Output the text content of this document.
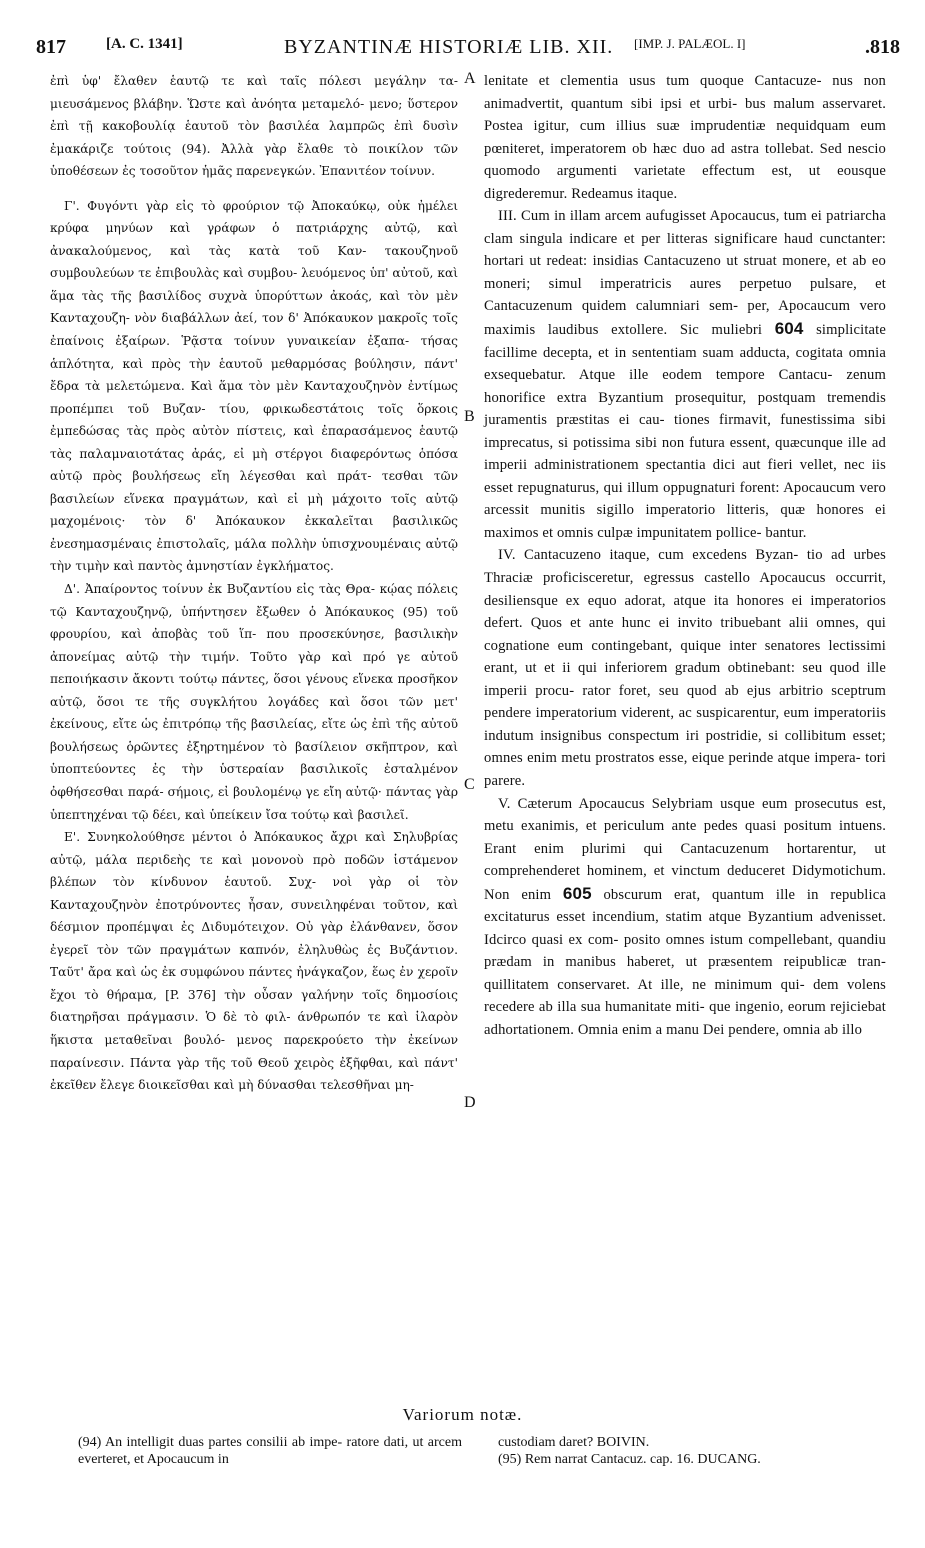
817	[A. C. 1341]	BYZANTINÆ HISTORIÆ LIB. XII. [IMP. J. PALÆOL. I]	.818

ἐπὶ ὑφ' ἔλαθεν ἑαυτῷ τε καὶ ταῖς πόλεσι μεγάλην τα- μιευσάμενος βλάβην. Ὥστε καὶ ἀνόητα μεταμελό- μενο; ὕστερον ἐπὶ τῇ κακοβουλίᾳ ἑαυτοῦ τὸν βασιλέα λαμπρῶς ἐπὶ δυσὶν ἐμακάριζε τούτοις (94). Ἀλλὰ γὰρ ἔλαθε τὸ ποικίλον τῶν ὑποθέσεων ἐς τοσοῦτον ἡμᾶς παρενεγκών. Ἐπανιτέον τοίνυν.

Γ'. Φυγόντι γὰρ εἰς τὸ φρούριον τῷ Ἀποκαύκῳ, οὐκ ἠμέλει κρύφα μηνύων καὶ γράφων ὁ πατριάρχης αὐτῷ, καὶ ἀνακαλούμενος, καὶ τὰς κατὰ τοῦ Καν- τακουζηνοῦ συμβουλεύων τε ἐπιβουλὰς καὶ συμβου- λευόμενος ὑπ' αὐτοῦ, καὶ ἅμα τὰς τῆς βασιλίδος συχνὰ ὑπορύττων ἀκοάς, καὶ τὸν μὲν Κανταχουζη- νὸν διαβάλλων ἀεί, τον δ' Ἀπόκαυκον μακροῖς τοῖς ἐπαίνοις ἐξαίρων. Ῥᾷστα τοίνυν γυναικείαν ἐξαπα- τήσας ἁπλότητα, καὶ πρὸς τὴν ἑαυτοῦ μεθαρμόσας βούλησιν, πάντ' ἔδρα τὰ μελετώμενα. Καὶ ἅμα τὸν μὲν Κανταχουζηνὸν ἐντίμως προπέμπει τοῦ Βυζαν- τίου, φρικωδεστάτοις τοῖς ὅρκοις ἐμπεδώσας τὰς πρὸς αὐτὸν πίστεις, καὶ ἐπαρασάμενος ἑαυτῷ τὰς παλαμναιοτάτας ἀράς, εἰ μὴ στέργοι διαφερόντως ὁπόσα αὐτῷ πρὸς βουλήσεως εἴη λέγεσθαι καὶ πράτ- τεσθαι τῶν βασιλείων εἵνεκα πραγμάτων, καὶ εἰ μὴ μάχοιτο τοῖς αὐτῷ μαχομένοις· τὸν δ' Ἀπόκαυκον ἐκκαλεῖται βασιλικῶς ἐνεσημασμέναις ἐπιστολαῖς, μάλα πολλὴν ὑπισχνουμέναις αὐτῷ τὴν τιμὴν καὶ παντὸς ἀμνηστίαν ἐγκλήματος.

Δ'. Ἀπαίροντος τοίνυν ἐκ Βυζαντίου εἰς τὰς Θρα- κῴας πόλεις τῷ Κανταχουζηνῷ, ὑπήντησεν ἔξωθεν ὁ Ἀπόκαυκος (95) τοῦ φρουρίου, καὶ ἀποβὰς τοῦ ἵπ- που προσεκύνησε, βασιλικὴν ἀπονείμας αὐτῷ τὴν τιμήν. Τοῦτο γὰρ καὶ πρό γε αὐτοῦ πεποιήκασιν ἄκοντι τούτῳ πάντες, ὅσοι γένους εἵνεκα προσῆκον αὐτῷ, ὅσοι τε τῆς συγκλήτου λογάδες καὶ ὅσοι τῶν μετ' ἐκείνους, εἴτε ὡς ἐπιτρόπῳ τῆς βασιλείας, εἴτε ὡς ἐπὶ τῆς αὐτοῦ βουλήσεως ὁρῶντες ἐξηρτημένον τὸ βασίλειον σκῆπτρον, καὶ ὑποπτεύοντες ἐς τὴν ὑστεραίαν βασιλικοῖς ἐσταλμένον ὀφθήσεσθαι παρά- σήμοις, εἰ βουλομένῳ γε εἴη αὐτῷ· πάντας γὰρ ὑπεπτηχέναι τῷ δέει, καὶ ὑπείκειν ἴσα τούτῳ καὶ βασιλεῖ.

Ε'. Συνηκολούθησε μέντοι ὁ Ἀπόκαυκος ἄχρι καὶ Σηλυβρίας αὐτῷ, μάλα περιδεὴς τε καὶ μονονοὺ πρὸ ποδῶν ἱστάμενον βλέπων τὸν κίνδυνον ἑαυτοῦ. Συχ- νοὶ γὰρ οἱ τὸν Κανταχουζηνὸν ἐποτρύνοντες ἦσαν, συνειληφέναι τοῦτον, καὶ δέσμιον προπέμψαι ἐς Διδυμότειχον. Οὐ γὰρ ἐλάνθανεν, ὅσον ἐγερεῖ τὸν τῶν πραγμάτων καπνόν, ἐληλυθὼς ἐς Βυζάντιον. Ταῦτ' ἄρα καὶ ὡς ἐκ συμφώνου πάντες ἠνάγκαζον, ἕως ἐν χεροῖν ἔχοι τὸ θήραμα, [P. 376] τὴν οὖσαν γαλήνην τοῖς δημοσίοις διατηρῆσαι πράγμασιν. Ὁ δὲ τὸ φιλ- άνθρωπόν τε καὶ ἱλαρὸν ἥκιστα μεταθεῖναι βουλό- μενος παρεκρούετο τὴν ἐκείνων παραίνεσιν. Πάντα γὰρ τῆς τοῦ Θεοῦ χειρὸς ἐξῆφθαι, καὶ πάντ' ἐκεῖθεν ἔλεγε διοικεῖσθαι καὶ μὴ δύνασθαι τελεσθῆναι μη-

A
B
C
D

lenitate et clementia usus tum quoque Cantacuze- nus non animadvertit, quantum sibi ipsi et urbi- bus malum asservaret. Postea igitur, cum illius suæ imprudentiæ nequidquam eum pœniteret, imperatorem ob hæc duo ad astra tollebat. Sed nescio quomodo argumenti varietate effectum est, ut eousque digrederemur. Redeamus itaque.

III. Cum in illam arcem aufugisset Apocaucus, tum ei patriarcha clam singula indicare et per litteras significare haud cunctanter: hortari ut redeat: insidias Cantacuzeno ut struat monere, et ab eo moneri; simul imperatricis aures perpetuo pulsare, et Cantacuzenum quidem calumniari sem- per, Apocaucum vero maximis laudibus extollere. Sic muliebri 604 simplicitate facillime decepta, et in sententiam suam adducta, cogitata omnia exsequebatur. Atque ille eodem tempore Cantacu- zenum honorifice extra Byzantium prosequitur, postquam tremendis juramentis præstitas ei cau- tiones firmavit, funestissima sibi imprecatus, si potissima sibi non futura essent, quæcunque ille ad imperii administrationem spectantia dici aut fieri vellet, nec iis esset repugnaturus, qui illum oppugnaturi forent: Apocaucum vero arcessit munitis sigillo imperatorio litteris, quæ honores ei maximos et omnis culpæ impunitatem pollice- bantur.

IV. Cantacuzeno itaque, cum excedens Byzan- tio ad urbes Thraciæ proficisceretur, egressus castello Apocaucus occurrit, desiliensque ex equo adorat, atque ita honores ei imperatorios defert. Quos et ante hunc ei invito tribuebant alii omnes, qui cognatione eum contingebant, quique inter senatores lectissimi erant, ut et ii qui inferiorem gradum obtinebant: seu quod ille imperii procu- rator foret, seu quod ab ejus arbitrio sceptrum pendere imperatorium viderent, ac suspicarentur, eum imperatoriis indutum insignibus conspectum iri postridie, si collibitum esset; omnes enim metu prostratos esse, eique perinde atque impera- tori parere.

V. Cæterum Apocaucus Selybriam usque eum prosecutus est, metu exanimis, et periculum ante pedes quasi positum intuens. Erant enim plurimi qui Cantacuzenum hortarentur, ut comprehenderet hominem, et vinctum deduceret Didymotichum. Non enim 605 obscurum erat, quantum ille in republica excitaturus esset incendium, statim atque Byzantium advenisset. Idcirco quasi ex com- posito omnes istum compellebant, quandiu prædam in manibus haberet, ut præsentem reipublicæ tran- quillitatem conservaret. At ille, ne minimum qui- dem volens recedere ab illa sua humanitate miti- que ingenio, eorum rejiciebat adhortationem. Omnia enim a manu Dei pendere, omnia ab illo

Variorum notæ.
(94) An intelligit duas partes consilii ab impe- ratore dati, ut arcem everteret, et Apocaucum in
custodiam daret? BOIVIN.
(95) Rem narrat Cantacuz. cap. 16. DUCANG.
